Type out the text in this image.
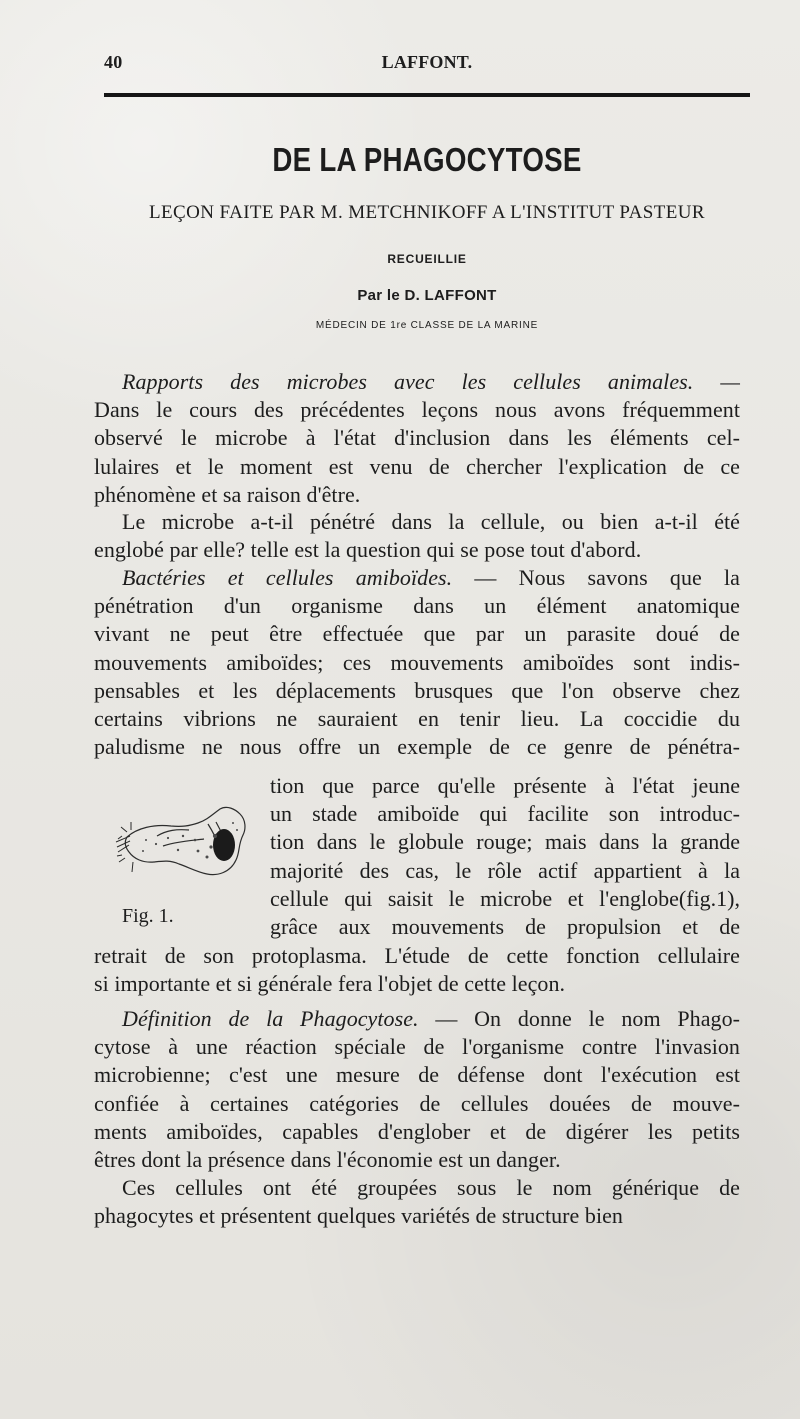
40	LAFFONT.
DE LA PHAGOCYTOSE
LEÇON FAITE PAR M. METCHNIKOFF A L'INSTITUT PASTEUR
RECUEILLIE
Par le D. LAFFONT
MÉDECIN DE 1re CLASSE DE LA MARINE
Rapports des microbes avec les cellules animales. —
Dans le cours des précédentes leçons nous avons fréquemment
observé le microbe à l'état d'inclusion dans les éléments cel-
lulaires et le moment est venu de chercher l'explication de ce
phénomène et sa raison d'être.
Le microbe a-t-il pénétré dans la cellule, ou bien a-t-il été
englobé par elle? telle est la question qui se pose tout d'abord.
Bactéries et cellules amiboïdes. — Nous savons que la
pénétration d'un organisme dans un élément anatomique
vivant ne peut être effectuée que par un parasite doué de
mouvements amiboïdes; ces mouvements amiboïdes sont indis-
pensables et les déplacements brusques que l'on observe chez
certains vibrions ne sauraient en tenir lieu. La coccidie du
paludisme ne nous offre un exemple de ce genre de pénétra-
Fig. 1.
tion que parce qu'elle présente à l'état jeune
un stade amiboïde qui facilite son introduc-
tion dans le globule rouge; mais dans la grande
majorité des cas, le rôle actif appartient à la
cellule qui saisit le microbe et l'englobe(fig.1),
grâce aux mouvements de propulsion et de
retrait de son protoplasma. L'étude de cette fonction cellulaire
si importante et si générale fera l'objet de cette leçon.
Définition de la Phagocytose. — On donne le nom Phago-
cytose à une réaction spéciale de l'organisme contre l'invasion
microbienne; c'est une mesure de défense dont l'exécution est
confiée à certaines catégories de cellules douées de mouve-
ments amiboïdes, capables d'englober et de digérer les petits
êtres dont la présence dans l'économie est un danger.
Ces cellules ont été groupées sous le nom générique de
phagocytes et présentent quelques variétés de structure bien
